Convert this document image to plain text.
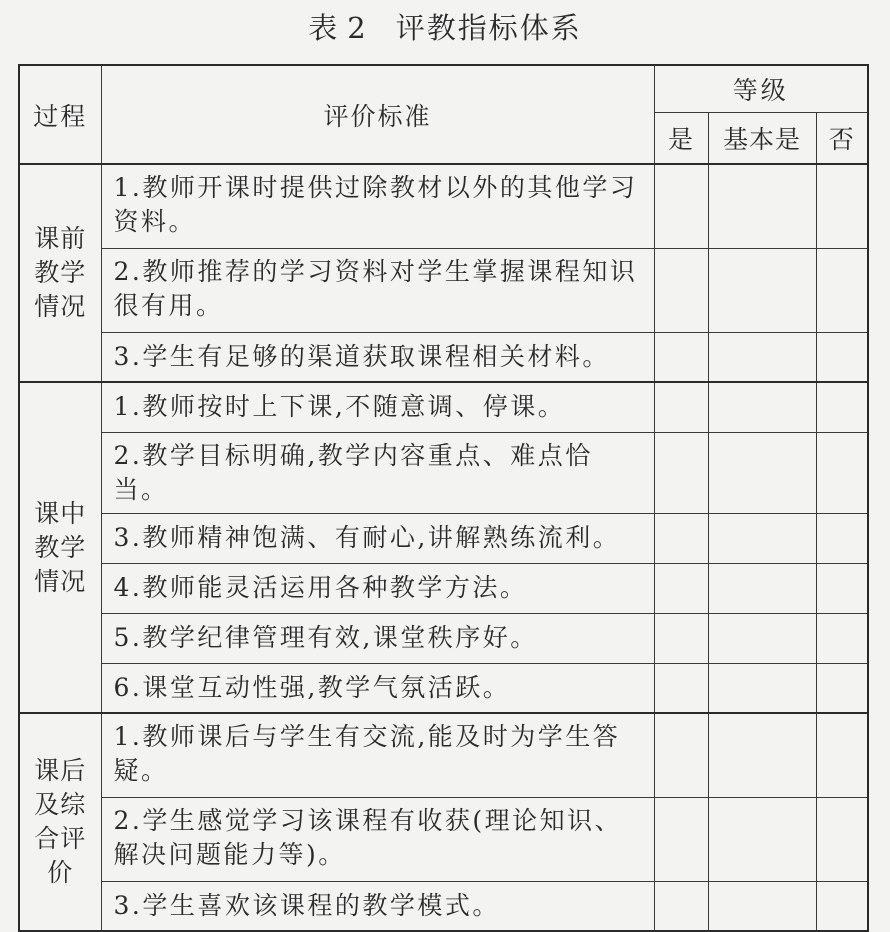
表 2 评教指标体系
过程	评价标准	等级		
		是	基本是	否

课前教学情况	1.教师开课时提供过除教材以外的其他学习资料。			
	2.教师推荐的学习资料对学生掌握课程知识很有用。			
	3.学生有足够的渠道获取课程相关材料。			

课中教学情况	1.教师按时上下课,不随意调、停课。			
	2.教学目标明确,教学内容重点、难点恰当。			
	3.教师精神饱满、有耐心,讲解熟练流利。			
	4.教师能灵活运用各种教学方法。			
	5.教学纪律管理有效,课堂秩序好。			
	6.课堂互动性强,教学气氛活跃。			

课后及综合评价	1.教师课后与学生有交流,能及时为学生答疑。			
	2.学生感觉学习该课程有收获(理论知识、解决问题能力等)。			
	3.学生喜欢该课程的教学模式。			
